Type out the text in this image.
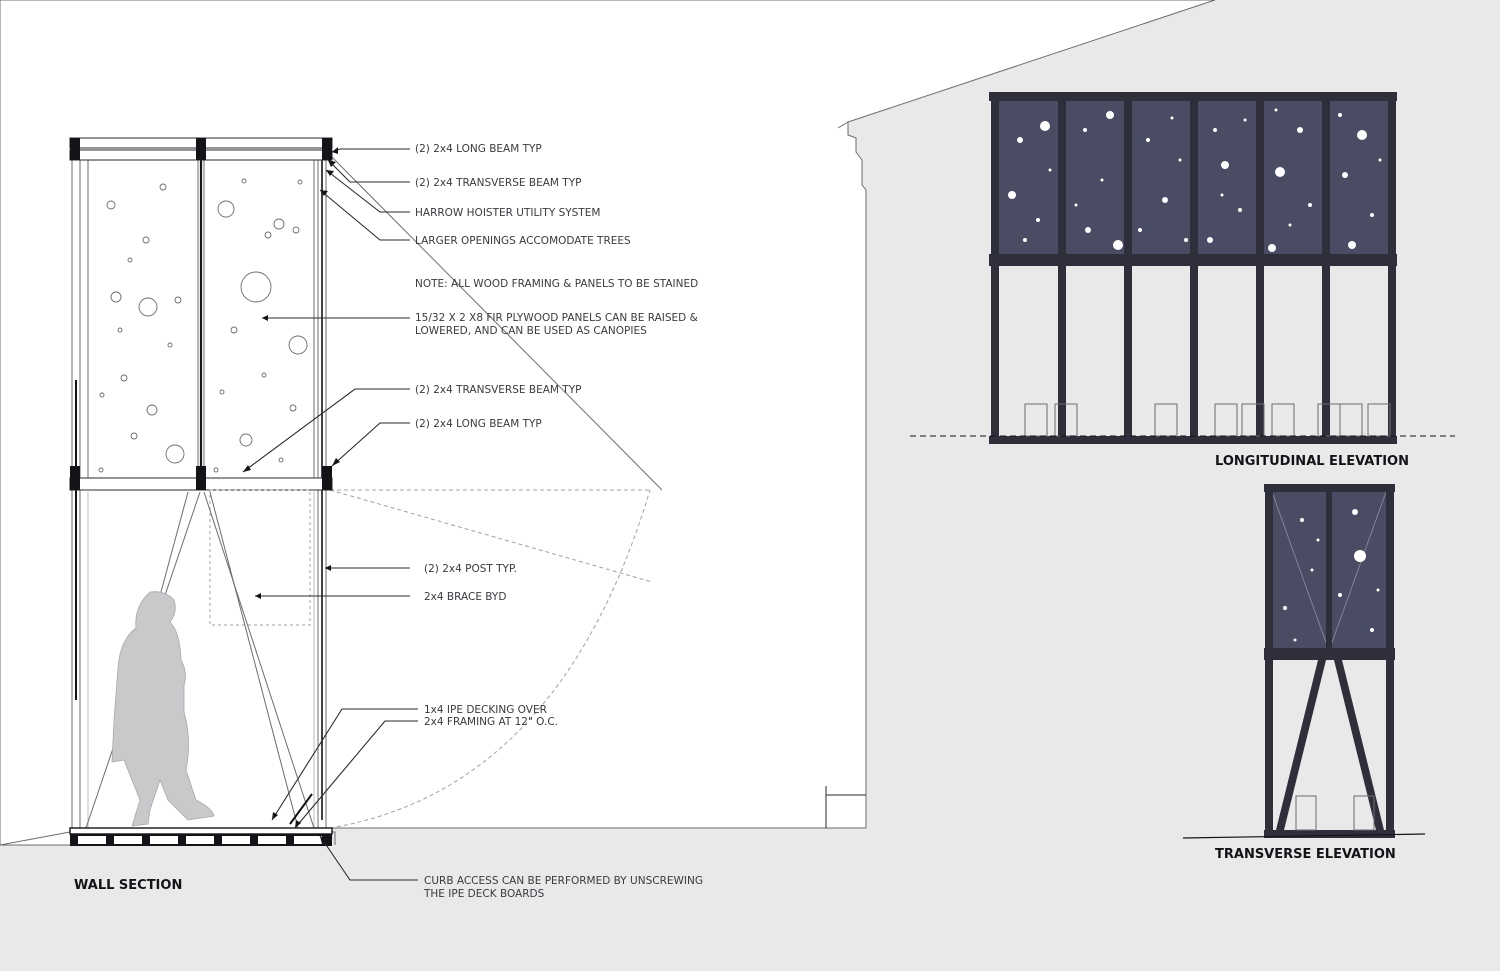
(2) 2x4 LONG BEAM TYP
(2) 2x4 TRANSVERSE BEAM TYP
HARROW HOISTER UTILITY SYSTEM
LARGER OPENINGS ACCOMODATE TREES
NOTE: ALL WOOD FRAMING & PANELS TO BE STAINED
15/32 X 2 X8 FIR PLYWOOD PANELS CAN BE RAISED &
LOWERED, AND CAN BE USED AS CANOPIES
(2) 2x4 TRANSVERSE BEAM TYP
(2) 2x4 LONG BEAM TYP
(2) 2x4 POST TYP.
2x4 BRACE BYD
1x4 IPE DECKING OVER
2x4 FRAMING AT 12" O.C.
CURB ACCESS CAN BE PERFORMED BY UNSCREWING
THE IPE DECK BOARDS
WALL SECTION
LONGITUDINAL ELEVATION
TRANSVERSE ELEVATION
